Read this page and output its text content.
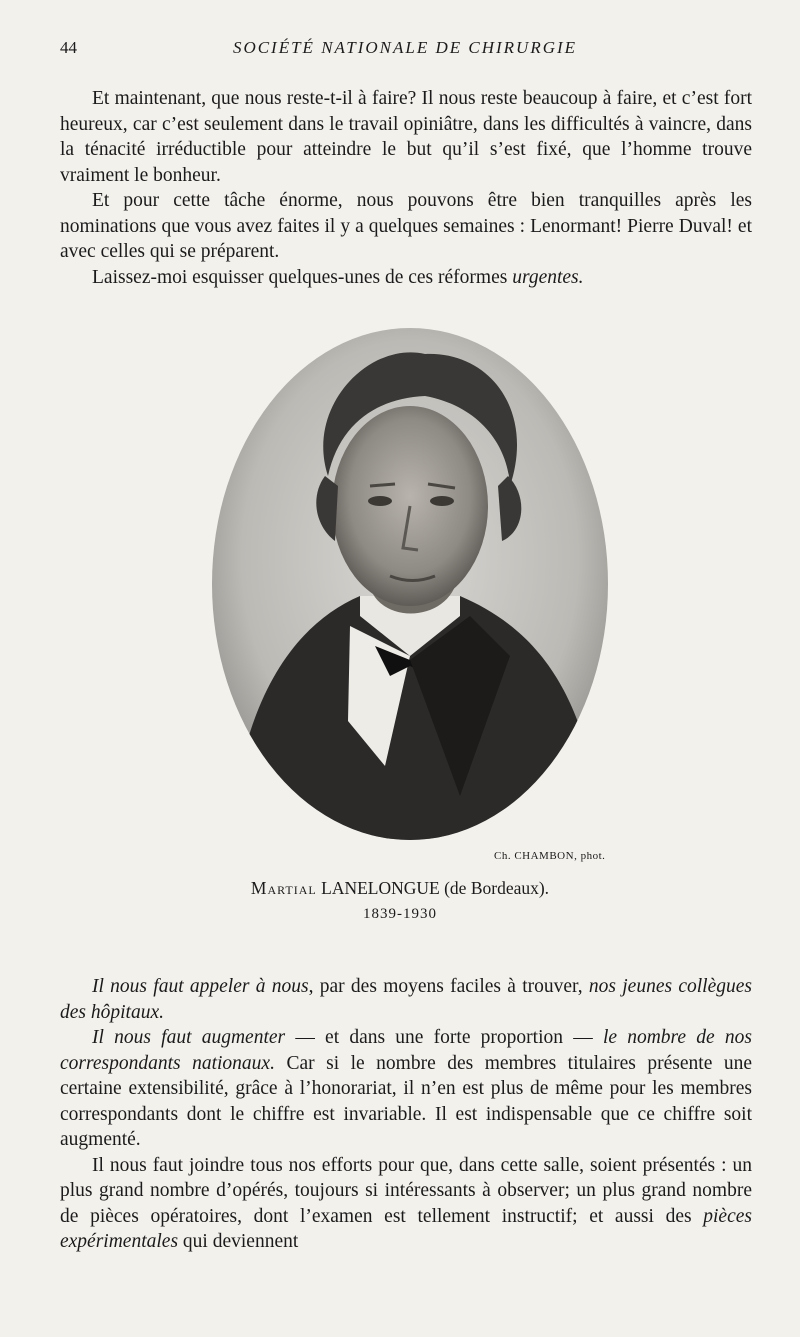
44	SOCIÉTÉ NATIONALE DE CHIRURGIE

Et maintenant, que nous reste-t-il à faire? Il nous reste beaucoup à faire, et c’est fort heureux, car c’est seulement dans le travail opiniâtre, dans les difficultés à vaincre, dans la ténacité irréductible pour atteindre le but qu’il s’est fixé, que l’homme trouve vraiment le bonheur.

Et pour cette tâche énorme, nous pouvons être bien tranquilles après les nominations que vous avez faites il y a quelques semaines : Lenormant! Pierre Duval! et avec celles qui se préparent.

Laissez-moi esquisser quelques-unes de ces réformes urgentes.

Ch. CHAMBON, phot.
Martial LANELONGUE (de Bordeaux).
1839-1930

Il nous faut appeler à nous, par des moyens faciles à trouver, nos jeunes collègues des hôpitaux.

Il nous faut augmenter — et dans une forte proportion — le nombre de nos correspondants nationaux. Car si le nombre des membres titulaires présente une certaine extensibilité, grâce à l’honorariat, il n’en est plus de même pour les membres correspondants dont le chiffre est invariable. Il est indispensable que ce chiffre soit augmenté.

Il nous faut joindre tous nos efforts pour que, dans cette salle, soient présentés : un plus grand nombre d’opérés, toujours si intéressants à observer; un plus grand nombre de pièces opératoires, dont l’examen est tellement instructif; et aussi des pièces expérimentales qui deviennent
